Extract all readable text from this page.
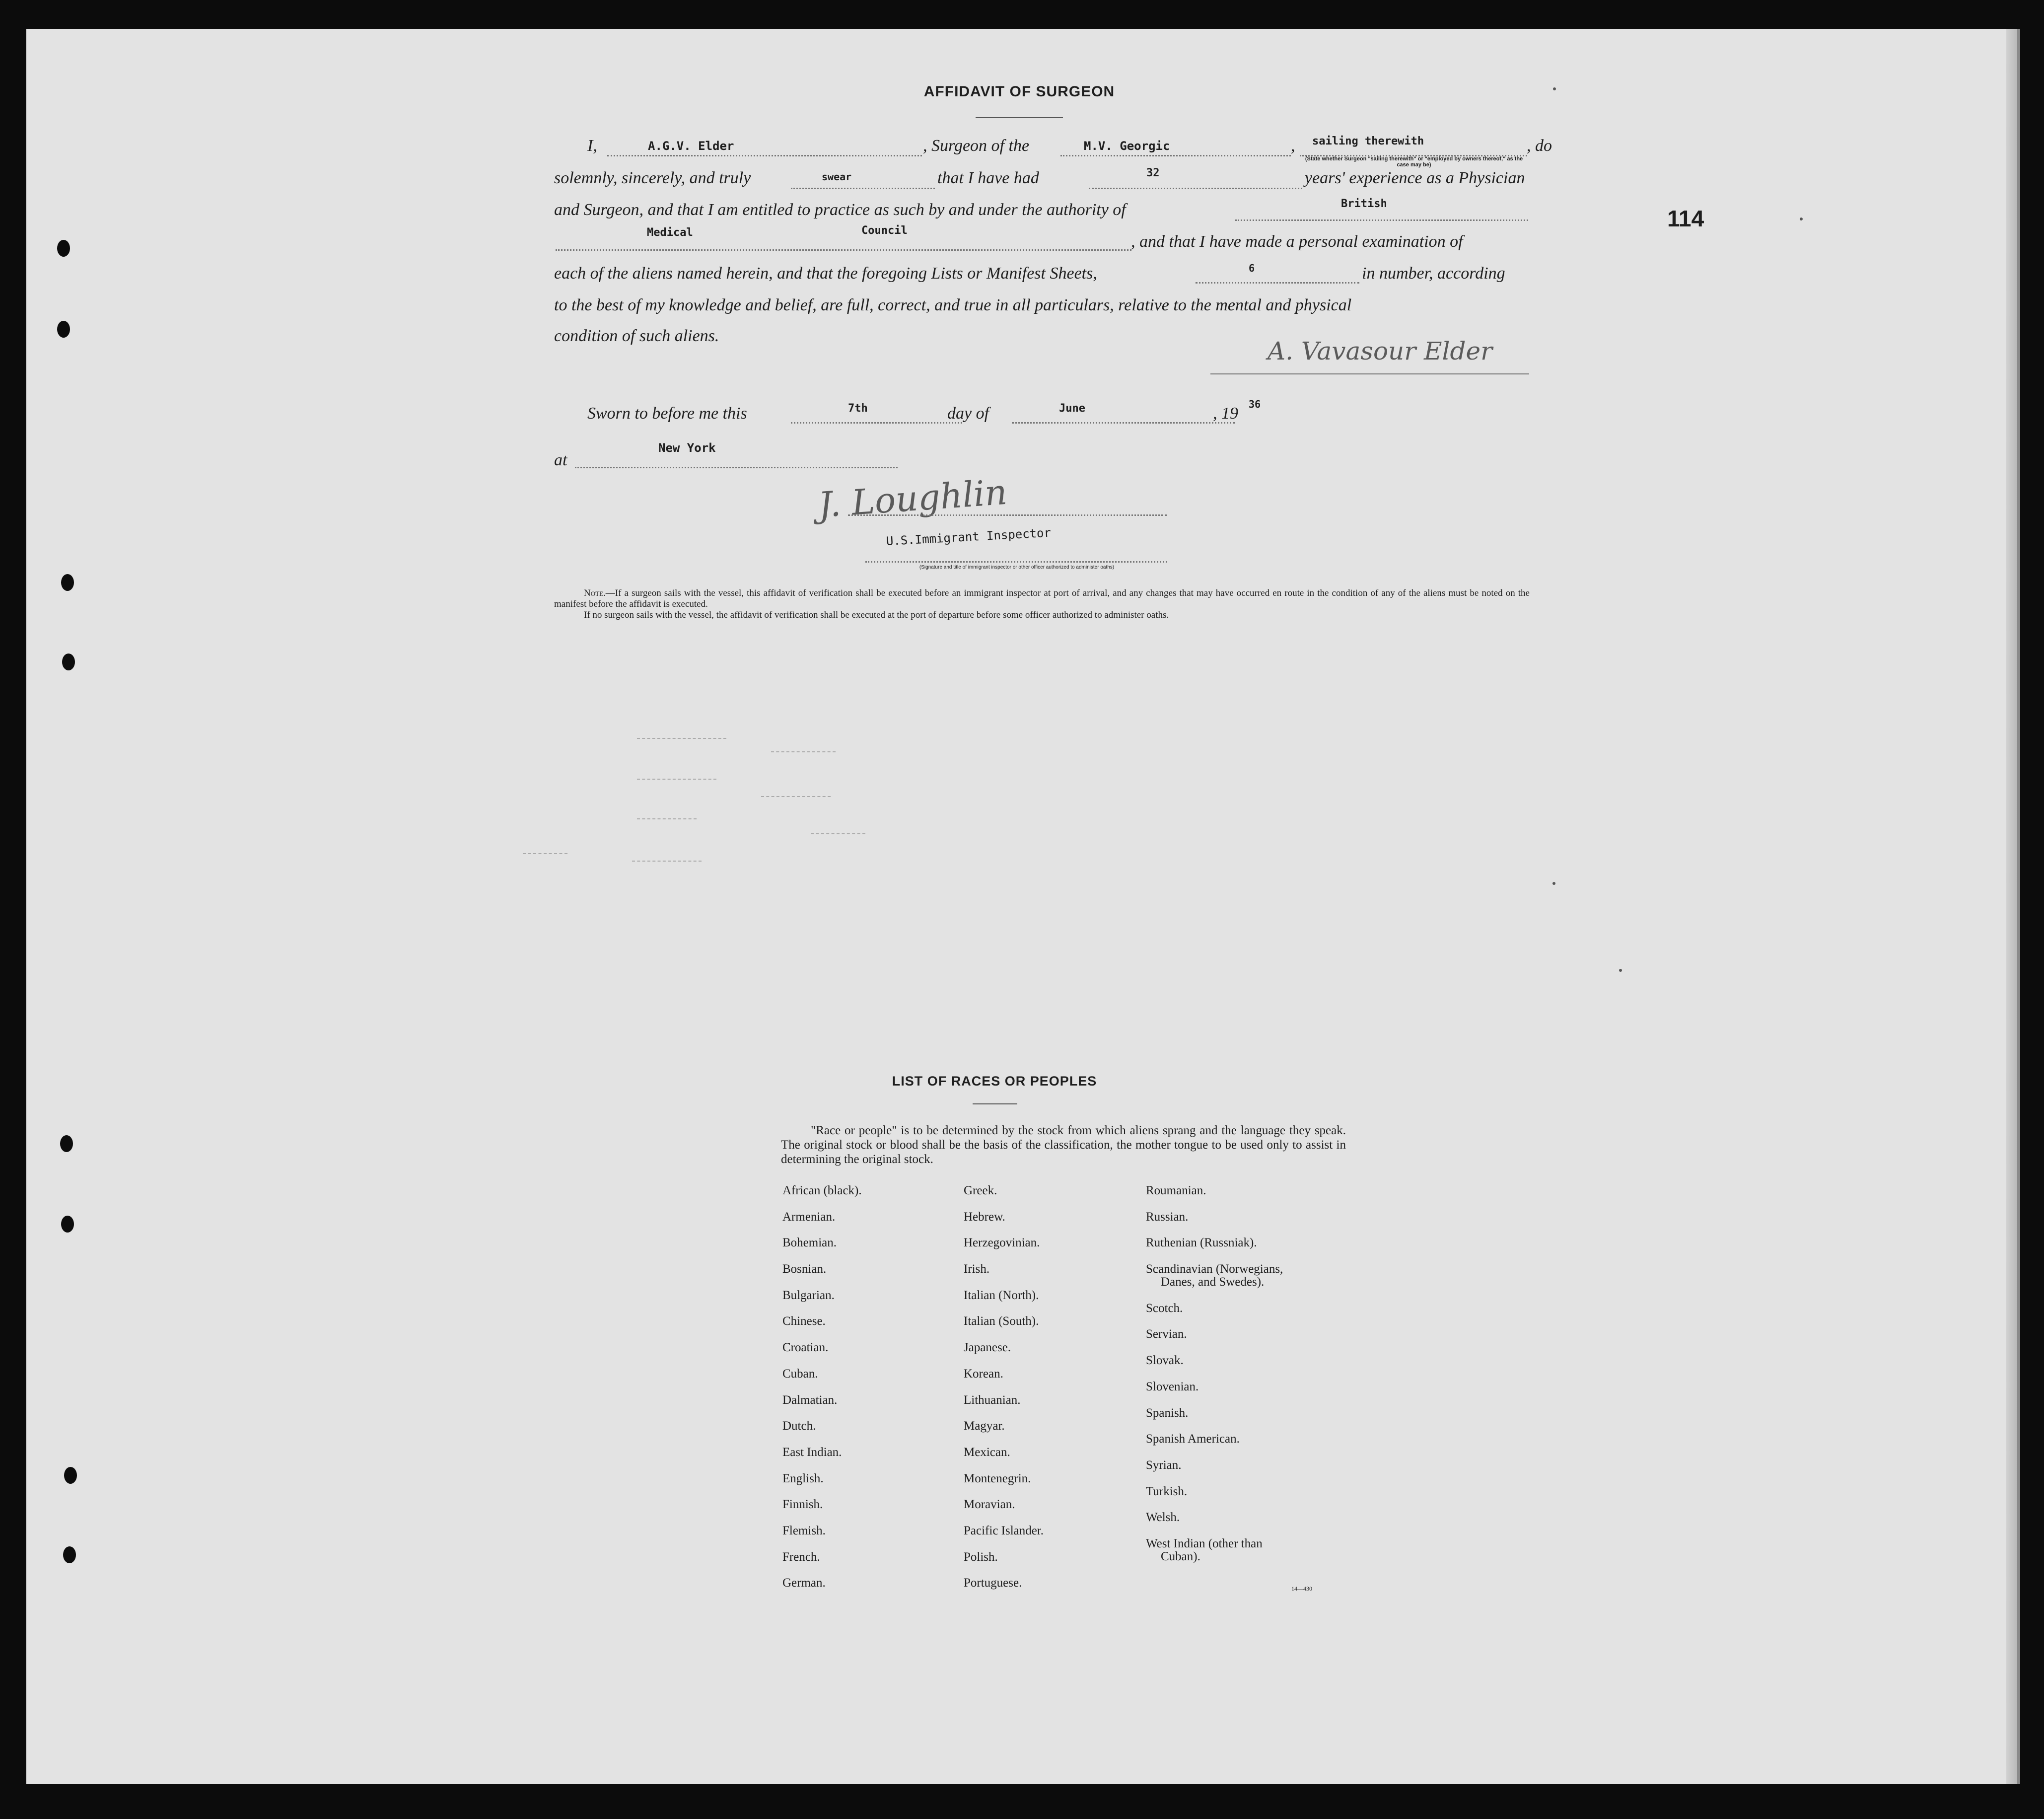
114
AFFIDAVIT OF SURGEON
I,	A.G.V. Elder	, Surgeon of the	M.V. Georgic	, sailing therewith
(State whether Surgeon "sailing therewith" or "employed by owners thereof," as the case may be)
, do
solemnly, sincerely, and truly	swear	that I have had	32	years' experience as a Physician
and Surgeon, and that I am entitled to practice as such by and under the authority of	British
Medical	Council
, and that I have made a personal examination of
each of the aliens named herein, and that the foregoing Lists or Manifest Sheets,	6	in number, according
to the best of my knowledge and belief, are full, correct, and true in all particulars, relative to the mental and physical
condition of such aliens.
A. Vavasour Elder
Sworn to before me this	7th	day of	June	, 19 36
at
New York
J. Loughlin
U.S.Immigrant Inspector
(Signature and title of immigrant inspector or other officer authorized to administer oaths)
Note.—If a surgeon sails with the vessel, this affidavit of verification shall be executed before an immigrant inspector at port of arrival, and any changes that may have occurred en route in the condition of any of the aliens must be noted on the manifest before the affidavit is executed.
If no surgeon sails with the vessel, the affidavit of verification shall be executed at the port of departure before some officer authorized to administer oaths.
LIST OF RACES OR PEOPLES
"Race or people" is to be determined by the stock from which aliens sprang and the language they speak. The original stock or blood shall be the basis of the classification, the mother tongue to be used only to assist in determining the original stock.
African (black).
Armenian.
Bohemian.
Bosnian.
Bulgarian.
Chinese.
Croatian.
Cuban.
Dalmatian.
Dutch.
East Indian.
English.
Finnish.
Flemish.
French.
German.
Greek.
Hebrew.
Herzegovinian.
Irish.
Italian (North).
Italian (South).
Japanese.
Korean.
Lithuanian.
Magyar.
Mexican.
Montenegrin.
Moravian.
Pacific Islander.
Polish.
Portuguese.
Roumanian.
Russian.
Ruthenian (Russniak).
Scandinavian (Norwegians,
Danes, and Swedes).
Scotch.
Servian.
Slovak.
Slovenian.
Spanish.
Spanish American.
Syrian.
Turkish.
Welsh.
West Indian (other than
Cuban).
14—430
